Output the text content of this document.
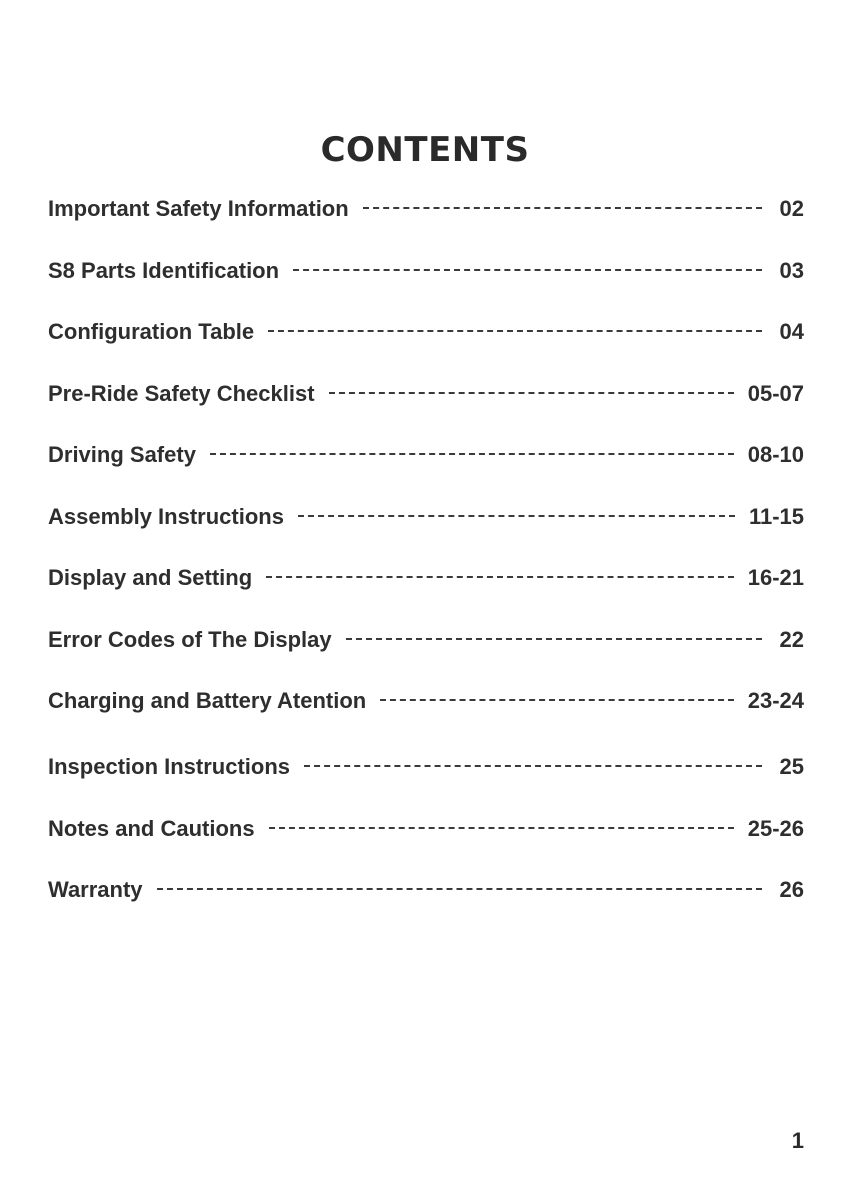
CONTENTS
Important Safety Information	02
S8 Parts Identification	03
Configuration Table	04
Pre-Ride Safety Checklist	05-07
Driving Safety	08-10
Assembly Instructions	11-15
Display and Setting	16-21
Error Codes of The Display	22
Charging and Battery Atention	23-24
Inspection Instructions	25
Notes and Cautions	25-26
Warranty	26
1
